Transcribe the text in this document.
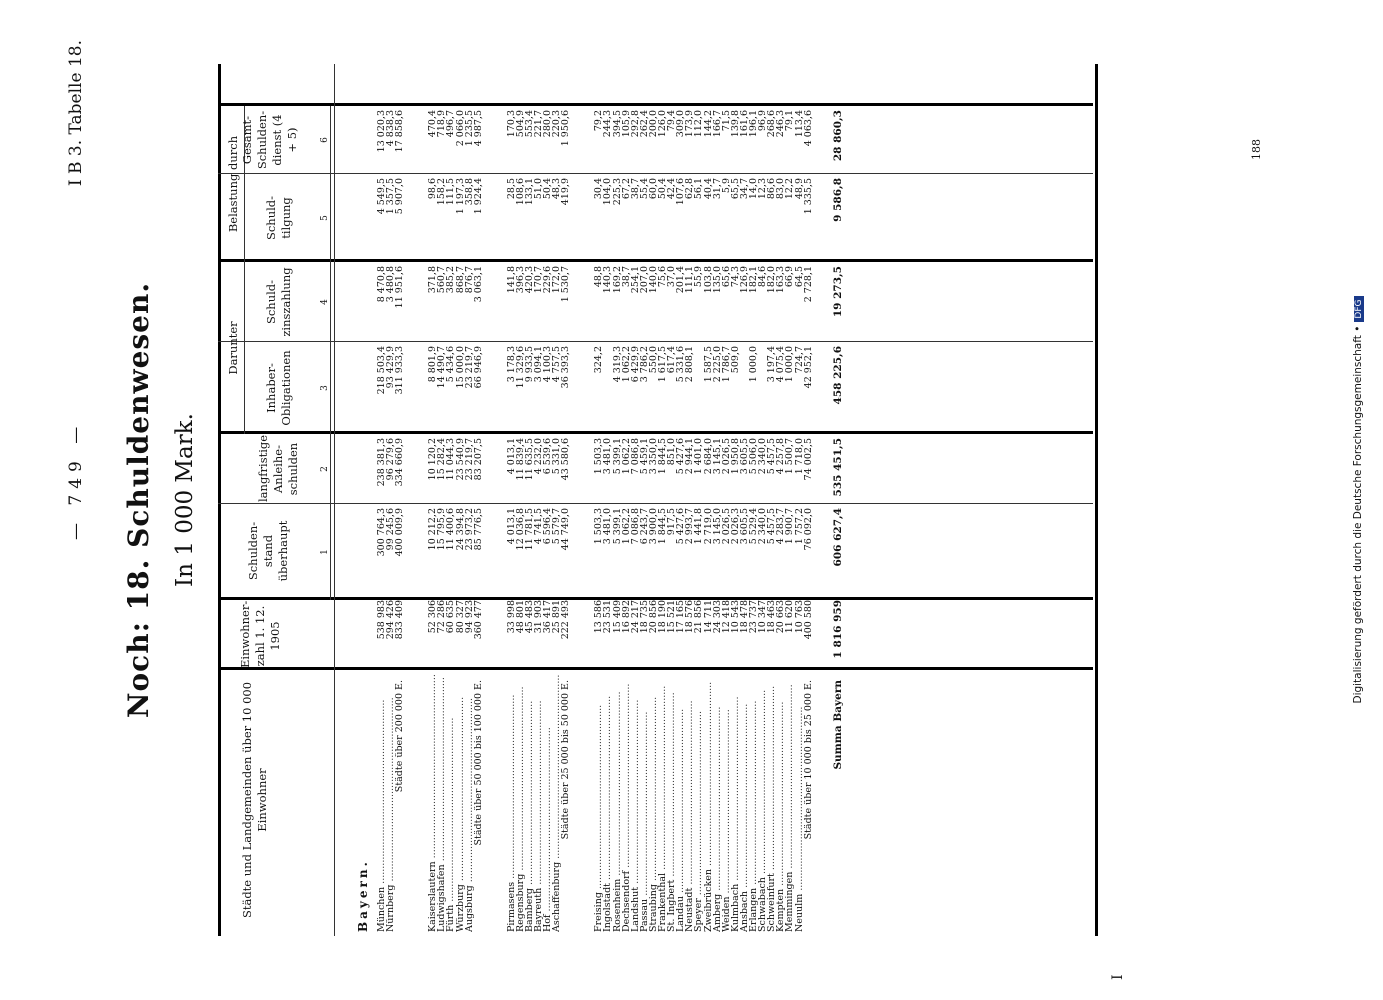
— 749 —
I B 3. Tabelle 18.
Noch: 18. Schuldenwesen. In 1 000 Mark.
Städte und Landgemeinden über 10 000 Einwohner
Einwohner- zahl 1. 12. 1905
Schulden- stand überhaupt
Darunter
Belastung durch
langfristige Anleihe- schulden
Inhaber- Obligationen
Schuld- zinszahlung
Schuld- tilgung
Gesamt- Schulden- dienst (4 + 5)
1
2
3
4
5
6
Bayern. München .....
538 983
300 764,3
238 381,3
218 503,4
8 470,8
4 549,5
13 020,3
Nürnberg .....
294 426
99 245,6
96 279,6
93 429,9
3 480,8
1 357,5
4 838,3
Städte über 200 000 E.
833 409
400 009,9
334 660,9
311 933,3
11 951,6
5 907,0
17 858,6
Kaiserslautern .....
52 306
10 212,2
10 120,2
8 801,9
371,8
98,6
470,4
Ludwigshafen .....
72 286
15 795,9
15 282,4
14 490,7
560,7
158,2
718,9
Fürth .....
60 635
11 400,6
11 044,3
5 434,6
385,2
111,5
496,7
Würzburg .....
80 327
24 394,8
23 540,9
15 000,0
868,7
1 197,3
2 066,0
Augsburg .....
94 923
23 973,2
23 219,7
23 219,7
876,7
358,8
1 235,5
Städte über 50 000 bis 100 000 E.
360 477
85 776,5
83 207,5
66 946,9
3 063,1
1 924,4
4 987,5
Pirmasens .....
33 998
4 013,1
4 013,1
3 178,3
141,8
28,5
170,3
Regensburg .....
48 801
12 036,8
11 839,4
11 329,6
396,3
108,6
504,9
Bamberg .....
45 483
11 781,5
11 635,5
9 933,5
420,3
133,1
553,4
Bayreuth .....
31 903
4 741,5
4 232,0
3 094,1
170,7
51,0
221,7
Hof .....
36 417
6 596,4
6 539,6
4 100,3
229,6
50,4
280,0
Aschaffenburg .....
25 891
5 579,7
5 331,0
4 757,5
172,0
48,3
220,3
Städte über 25 000 bis 50 000 E.
222 493
44 749,0
43 580,6
36 393,3
1 530,7
419,9
1 950,6
Freising .....
13 586
1 503,3
1 503,3
324,2
48,8
30,4
79,2
Ingolstadt .....
23 531
3 481,0
3 481,0
140,3
104,0
244,3
Rosenheim .....
15 409
5 399,1
5 399,1
4 319,3
169,2
225,3
394,5
Dechsendorf .....
16 892
1 062,2
1 062,2
1 062,2
38,7
67,2
105,9
Landshut .....
24 217
7 086,8
7 086,8
6 429,9
254,1
38,7
292,8
Passau .....
18 735
6 243,7
5 459,1
3 786,2
207,0
55,4
262,4
Straubing .....
20 856
3 900,0
3 350,0
550,0
140,0
60,0
200,0
Frankenthal .....
18 190
1 844,5
1 844,5
1 617,5
75,6
50,4
126,0
St. Ingbert .....
15 521
917,5
851,0
617,4
37,0
42,4
79,4
Landau .....
17 165
5 427,6
5 427,6
5 331,6
201,4
107,6
309,0
Neustadt .....
18 576
2 993,7
2 944,1
2 808,1
111,1
62,8
173,9
Speyer .....
21 856
1 441,8
1 401,0
55,9
56,1
112,0
Zweibrücken .....
14 711
2 719,0
2 684,0
1 587,5
103,8
40,4
144,2
Amberg .....
24 303
3 145,0
3 145,1
2 225,0
135,0
31,7
166,7
Weiden .....
12 418
2 026,5
2 026,5
1 786,7
65,6
5,9
71,5
Kulmbach .....
10 543
2 026,3
1 950,8
509,0
74,3
65,5
139,8
Ansbach .....
18 478
3 605,5
3 605,5
126,9
34,7
161,6
Erlangen .....
23 737
5 529,4
5 506,0
1 000,0
182,1
14,0
196,1
Schwabach .....
10 347
2 340,0
2 340,0
84,6
12,3
96,9
Schweinfurt .....
18 463
5 457,5
5 457,5
3 197,4
182,0
86,6
268,6
Kempten .....
20 663
4 283,7
4 257,8
4 075,4
163,3
83,0
246,3
Memmingen .....
11 620
1 900,7
1 500,7
1 000,0
66,9
12,2
79,1
Neuulm .....
10 763
1 757,2
1 718,0
724,7
64,5
48,9
113,4
Städte über 10 000 bis 25 000 E.
400 580
76 092,0
74 002,5
42 952,1
2 728,1
1 335,5
4 063,6
Summa Bayern
1 816 959
606 627,4
535 451,5
458 225,6
19 273,5
9 586,8
28 860,3
I
188
Digitalisierung gefördert durch die Deutsche Forschungsgemeinschaft •DFG
